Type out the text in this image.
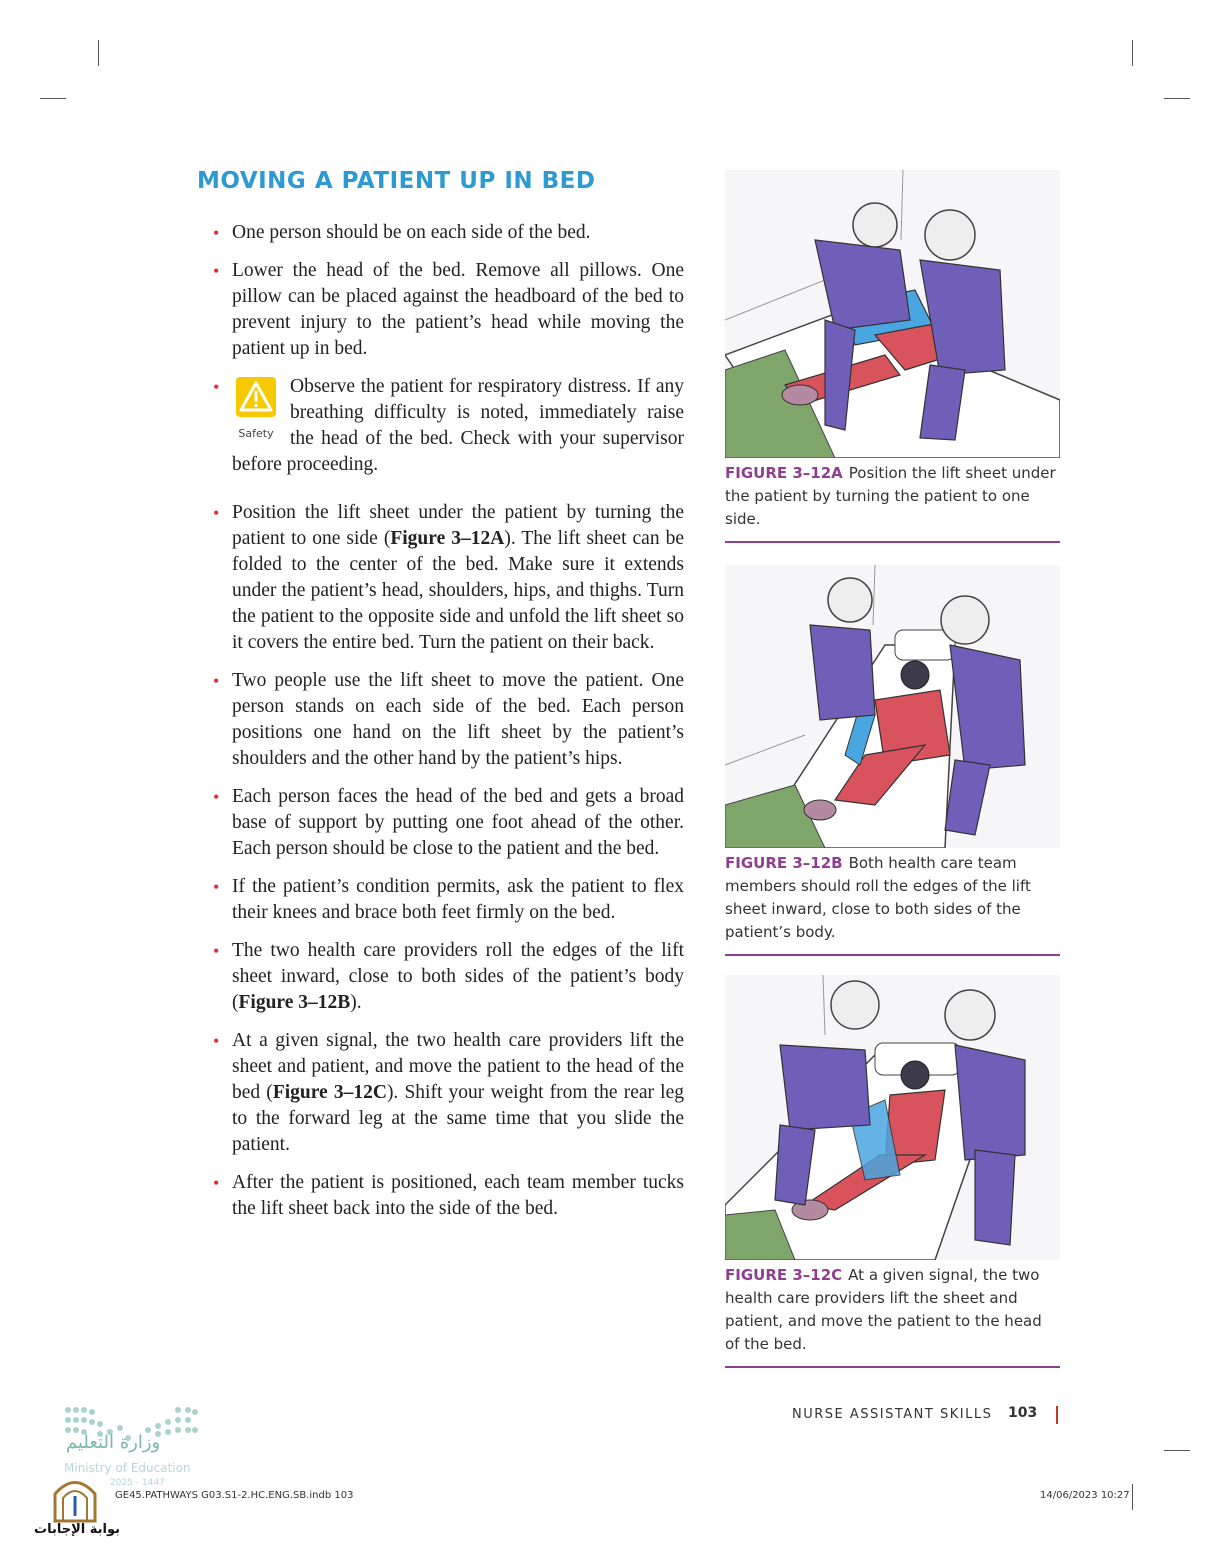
MOVING A PATIENT UP IN BED
• One person should be on each side of the bed.
• Lower the head of the bed. Remove all pillows. One pillow can be placed against the headboard of the bed to prevent injury to the patient’s head while moving the patient up in bed.
• Safety
Observe the patient for respiratory distress. If any breathing difficulty is noted, immediately raise the head of the bed. Check with your supervisor before proceeding.
• Position the lift sheet under the patient by turning the patient to one side (Figure 3–12A). The lift sheet can be folded to the center of the bed. Make sure it extends under the patient’s head, shoulders, hips, and thighs. Turn the patient to the opposite side and unfold the lift sheet so it covers the entire bed. Turn the patient on their back.
• Two people use the lift sheet to move the patient. One person stands on each side of the bed. Each person positions one hand on the lift sheet by the patient’s shoulders and the other hand by the patient’s hips.
• Each person faces the head of the bed and gets a broad base of support by putting one foot ahead of the other. Each person should be close to the patient and the bed.
• If the patient’s condition permits, ask the patient to flex their knees and brace both feet firmly on the bed.
• The two health care providers roll the edges of the lift sheet inward, close to both sides of the patient’s body (Figure 3–12B).
• At a given signal, the two health care providers lift the sheet and patient, and move the patient to the head of the bed (Figure 3–12C). Shift your weight from the rear leg to the forward leg at the same time that you slide the patient.
• After the patient is positioned, each team member tucks the lift sheet back into the side of the bed.
FIGURE 3–12A Position the lift sheet under the patient by turning the patient to one side.
FIGURE 3–12B Both health care team members should roll the edges of the lift sheet inward, close to both sides of the patient’s body.
FIGURE 3–12C At a given signal, the two health care providers lift the sheet and patient, and move the patient to the head of the bed.
NURSE ASSISTANT SKILLS 103
وزارة التعليم
Ministry of Education
2025 - 1447
بوابة الإجابات
GE45.PATHWAYS G03.S1-2.HC.ENG.SB.indb 103	14/06/2023 10:27
